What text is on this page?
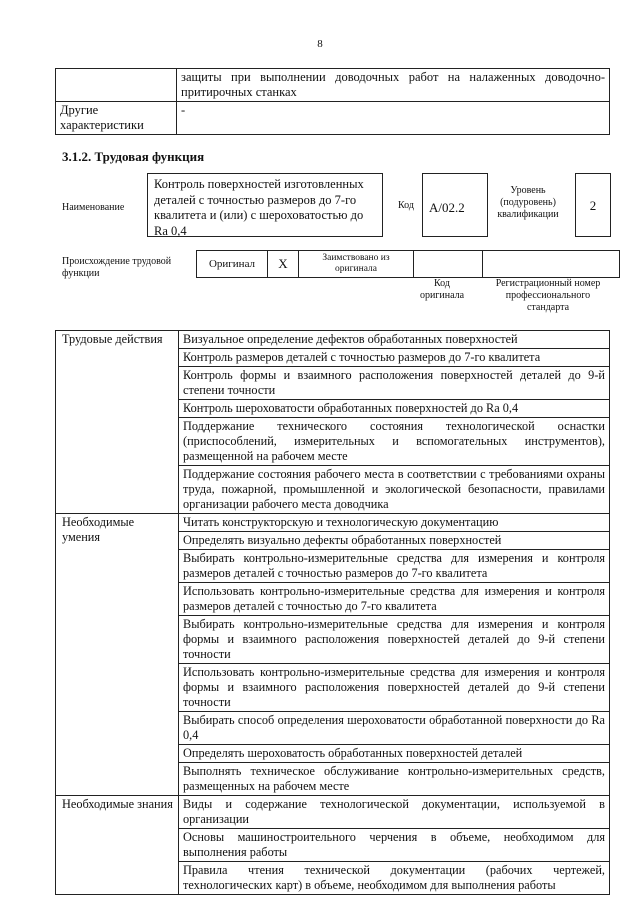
8
	защиты при выполнении доводочных работ на налаженных доводочно-притирочных станках
Другие характеристики	-
3.1.2. Трудовая функция
Наименование
Контроль поверхностей изготовленных деталей с точностью размеров до 7-го квалитета и (или) с шероховатостью до Ra 0,4
Код	А/02.2
Уровень (подуровень) квалификации
2
Происхождение трудовой функции
Оригинал	X	Заимствовано из оригинала		
Код оригинала
Регистрационный номер профессионального стандарта
Трудовые действия	Визуальное определение дефектов обработанных поверхностей
	Контроль размеров деталей с точностью размеров до 7-го квалитета
	Контроль формы и взаимного расположения поверхностей деталей до 9-й степени точности
	Контроль шероховатости обработанных поверхностей до Ra 0,4
	Поддержание технического состояния технологической оснастки (приспособлений, измерительных и вспомогательных инструментов), размещенной на рабочем месте
	Поддержание состояния рабочего места в соответствии с требованиями охраны труда, пожарной, промышленной и экологической безопасности, правилами организации рабочего места доводчика
Необходимые умения	Читать конструкторскую и технологическую документацию
	Определять визуально дефекты обработанных поверхностей
	Выбирать контрольно-измерительные средства для измерения и контроля размеров деталей с точностью размеров до 7-го квалитета
	Использовать контрольно-измерительные средства для измерения и контроля размеров деталей с точностью до 7-го квалитета
	Выбирать контрольно-измерительные средства для измерения и контроля формы и взаимного расположения поверхностей деталей до 9-й степени точности
	Использовать контрольно-измерительные средства для измерения и контроля формы и взаимного расположения поверхностей деталей до 9-й степени точности
	Выбирать способ определения шероховатости обработанной поверхности до Ra 0,4
	Определять шероховатость обработанных поверхностей деталей
	Выполнять техническое обслуживание контрольно-измерительных средств, размещенных на рабочем месте
Необходимые знания	Виды и содержание технологической документации, используемой в организации
	Основы машиностроительного черчения в объеме, необходимом для выполнения работы
	Правила чтения технической документации (рабочих чертежей, технологических карт) в объеме, необходимом для выполнения работы
